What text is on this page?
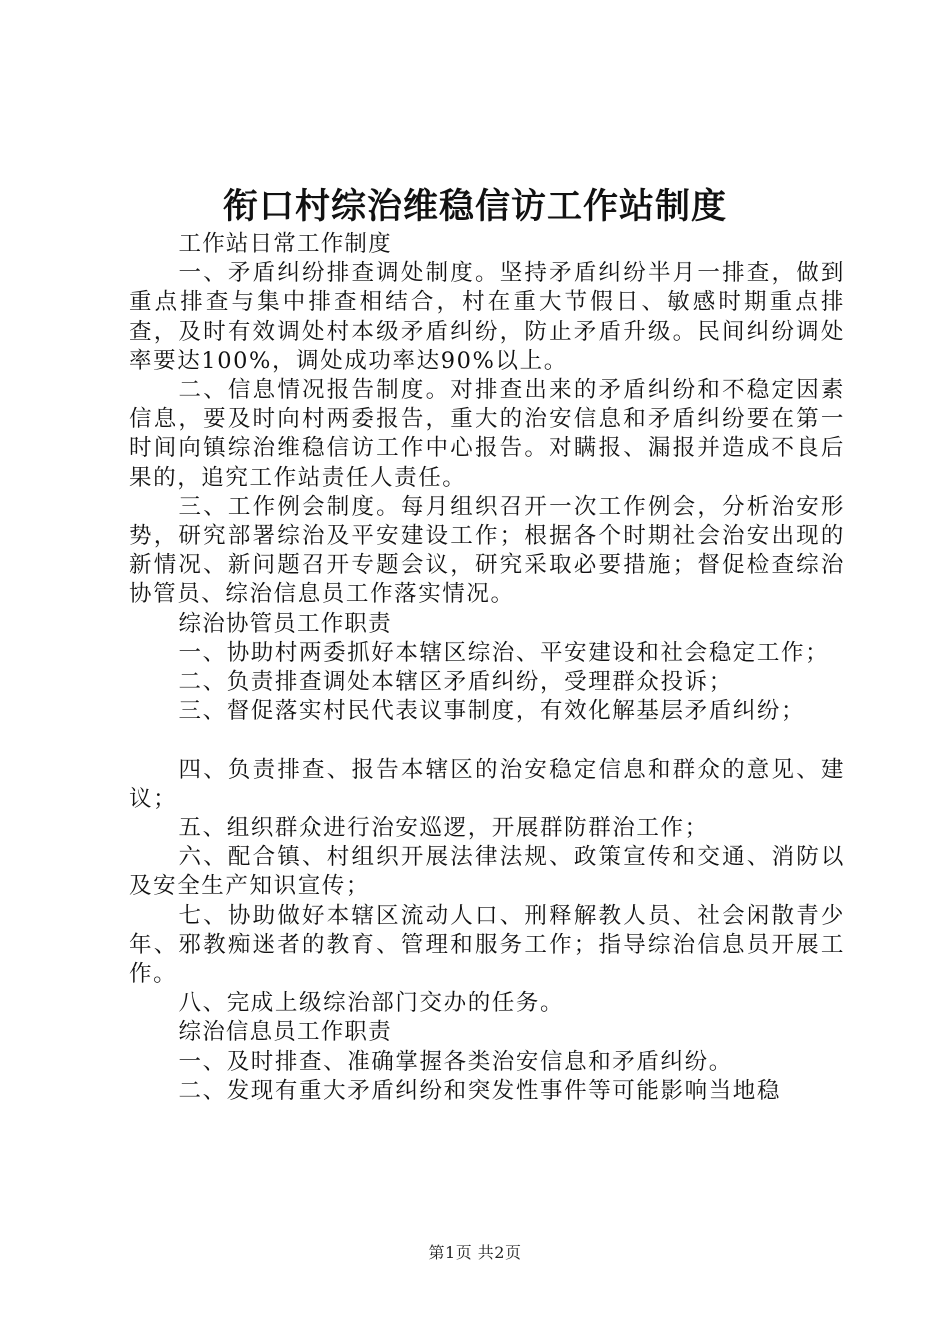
衔口村综治维稳信访工作站制度

工作站日常工作制度

一、矛盾纠纷排查调处制度。坚持矛盾纠纷半月一排查，做到重点排查与集中排查相结合，村在重大节假日、敏感时期重点排查，及时有效调处村本级矛盾纠纷，防止矛盾升级。民间纠纷调处率要达100%，调处成功率达90%以上。

二、信息情况报告制度。对排查出来的矛盾纠纷和不稳定因素信息，要及时向村两委报告，重大的治安信息和矛盾纠纷要在第一时间向镇综治维稳信访工作中心报告。对瞒报、漏报并造成不良后果的，追究工作站责任人责任。

三、工作例会制度。每月组织召开一次工作例会，分析治安形势，研究部署综治及平安建设工作；根据各个时期社会治安出现的新情况、新问题召开专题会议，研究采取必要措施；督促检查综治协管员、综治信息员工作落实情况。

综治协管员工作职责

一、协助村两委抓好本辖区综治、平安建设和社会稳定工作；

二、负责排查调处本辖区矛盾纠纷，受理群众投诉；

三、督促落实村民代表议事制度，有效化解基层矛盾纠纷；

四、负责排查、报告本辖区的治安稳定信息和群众的意见、建议；

五、组织群众进行治安巡逻，开展群防群治工作；

六、配合镇、村组织开展法律法规、政策宣传和交通、消防以及安全生产知识宣传；

七、协助做好本辖区流动人口、刑释解教人员、社会闲散青少年、邪教痴迷者的教育、管理和服务工作；指导综治信息员开展工作。

八、完成上级综治部门交办的任务。

综治信息员工作职责

一、及时排查、准确掌握各类治安信息和矛盾纠纷。

二、发现有重大矛盾纠纷和突发性事件等可能影响当地稳

第1页 共2页
